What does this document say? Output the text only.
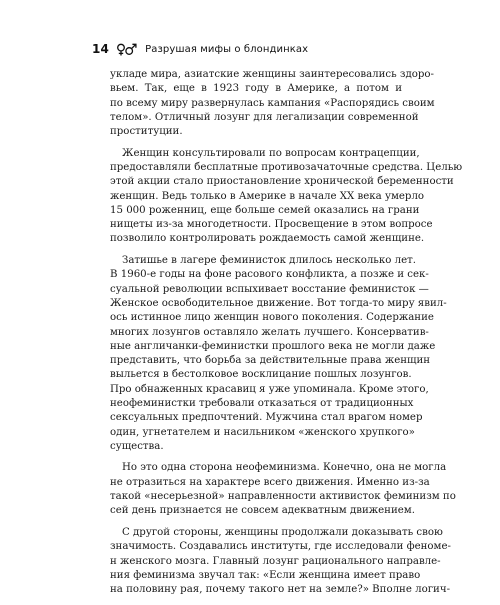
14	Разрушая мифы о блондинках
укладе мира, азиатские женщины заинтересовались здоро-
вьем. Так, еще в 1923 году в Америке, а потом и
по всему миру развернулась кампания «Распорядись своим
телом». Отличный лозунг для легализации современной
проституции.
Женщин консультировали по вопросам контрацепции,
предоставляли бесплатные противозачаточные средства. Целью
этой акции стало приостановление хронической беременности
женщин. Ведь только в Америке в начале XX века умерло
15 000 роженниц, еще больше семей оказались на грани
нищеты из-за многодетности. Просвещение в этом вопросе
позволило контролировать рождаемость самой женщине.
Затишье в лагере феминисток длилось несколько лет.
В 1960-е годы на фоне расового конфликта, а позже и сек-
суальной революции вспыхивает восстание феминисток —
Женское освободительное движение. Вот тогда-то миру явил-
ось истинное лицо женщин нового поколения. Содержание
многих лозунгов оставляло желать лучшего. Консерватив-
ные англичанки-феминистки прошлого века не могли даже
представить, что борьба за действительные права женщин
выльется в бестолковое восклицание пошлых лозунгов.
Про обнаженных красавиц я уже упоминала. Кроме этого,
неофеминистки требовали отказаться от традиционных
сексуальных предпочтений. Мужчина стал врагом номер
один, угнетателем и насильником «женского хрупкого»
существа.
Но это одна сторона неофеминизма. Конечно, она не могла
не отразиться на характере всего движения. Именно из-за
такой «несерьезной» направленности активисток феминизм по
сей день признается не совсем адекватным движением.
С другой стороны, женщины продолжали доказывать свою
значимость. Создавались институты, где исследовали феноме-
н женского мозга. Главный лозунг рационального направле-
ния феминизма звучал так: «Если женщина имеет право
на половину рая, почему такого нет на земле?» Вполне логич-
